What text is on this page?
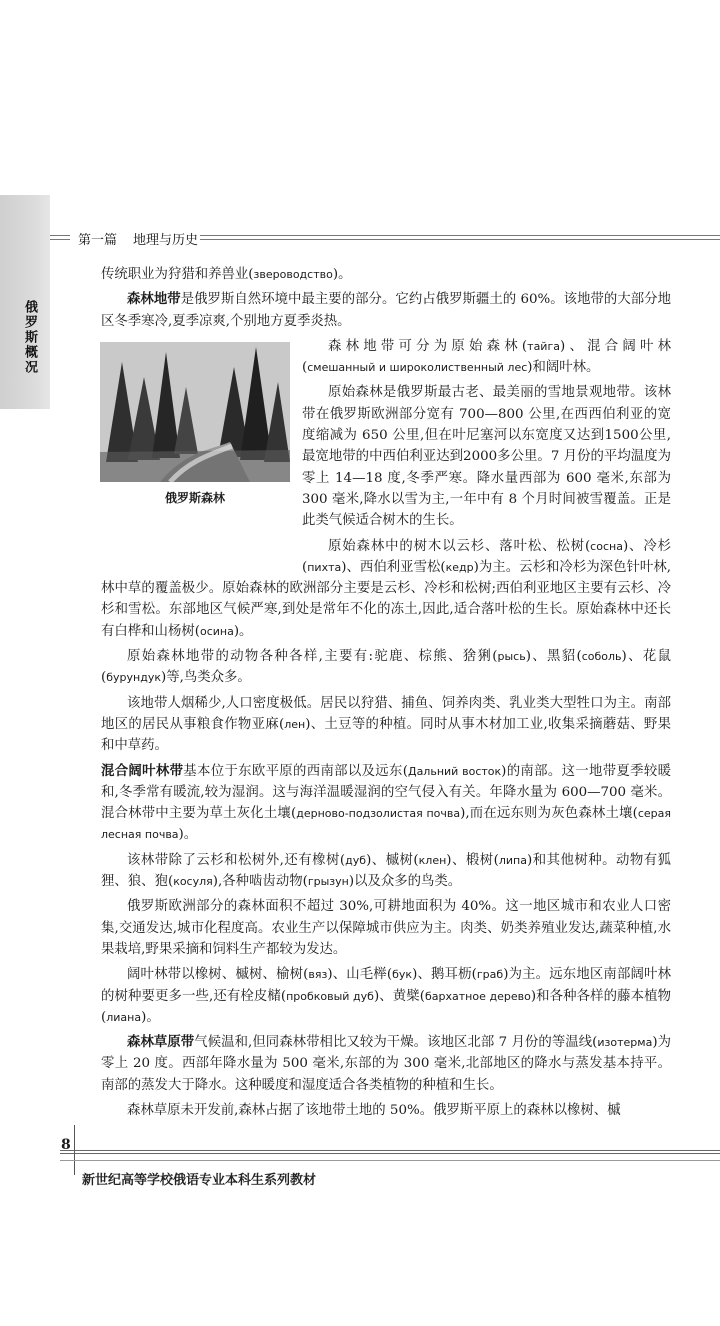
俄罗斯概况
第一篇 地理与历史

传统职业为狩猎和养兽业(звероводство)。

森林地带是俄罗斯自然环境中最主要的部分。它约占俄罗斯疆土的 60%。该地带的大部分地区冬季寒冷,夏季凉爽,个别地方夏季炎热。

俄罗斯森林

森林地带可分为原始森林(тайга)、混合阔叶林(смешанный и широколиственный лес)和阔叶林。

原始森林是俄罗斯最古老、最美丽的雪地景观地带。该林带在俄罗斯欧洲部分宽有 700—800 公里,在西西伯利亚的宽度缩减为 650 公里,但在叶尼塞河以东宽度又达到1500公里,最宽地带的中西伯利亚达到2000多公里。7 月份的平均温度为零上 14—18 度,冬季严寒。降水量西部为 600 毫米,东部为 300 毫米,降水以雪为主,一年中有 8 个月时间被雪覆盖。正是此类气候适合树木的生长。

原始森林中的树木以云杉、落叶松、松树(сосна)、冷杉(пихта)、西伯利亚雪松(кедр)为主。云杉和冷杉为深色针叶林,林中草的覆盖极少。原始森林的欧洲部分主要是云杉、冷杉和松树;西伯利亚地区主要有云杉、冷杉和雪松。东部地区气候严寒,到处是常年不化的冻土,因此,适合落叶松的生长。原始森林中还长有白桦和山杨树(осина)。

原始森林地带的动物各种各样,主要有:驼鹿、棕熊、猞猁(рысь)、黑貂(соболь)、花鼠(бурундук)等,鸟类众多。

该地带人烟稀少,人口密度极低。居民以狩猎、捕鱼、饲养肉类、乳业类大型牲口为主。南部地区的居民从事粮食作物亚麻(лен)、土豆等的种植。同时从事木材加工业,收集采摘蘑菇、野果和中草药。

混合阔叶林带基本位于东欧平原的西南部以及远东(Дальний восток)的南部。这一地带夏季较暖和,冬季常有暖流,较为湿润。这与海洋温暖湿润的空气侵入有关。年降水量为 600—700 毫米。混合林带中主要为草土灰化土壤(дерново-подзолистая почва),而在远东则为灰色森林土壤(серая лесная почва)。

该林带除了云杉和松树外,还有橡树(дуб)、槭树(клен)、椴树(липа)和其他树种。动物有狐狸、狼、狍(косуля),各种啮齿动物(грызун)以及众多的鸟类。

俄罗斯欧洲部分的森林面积不超过 30%,可耕地面积为 40%。这一地区城市和农业人口密集,交通发达,城市化程度高。农业生产以保障城市供应为主。肉类、奶类养殖业发达,蔬菜种植,水果栽培,野果采摘和饲料生产都较为发达。

阔叶林带以橡树、槭树、榆树(вяз)、山毛榉(бук)、鹅耳枥(граб)为主。远东地区南部阔叶林的树种要更多一些,还有栓皮槠(пробковый дуб)、黄檗(бархатное дерево)和各种各样的藤本植物(лиана)。

森林草原带气候温和,但同森林带相比又较为干燥。该地区北部 7 月份的等温线(изотерма)为零上 20 度。西部年降水量为 500 毫米,东部的为 300 毫米,北部地区的降水与蒸发基本持平。南部的蒸发大于降水。这种暖度和湿度适合各类植物的种植和生长。

森林草原未开发前,森林占据了该地带土地的 50%。俄罗斯平原上的森林以橡树、槭

8
新世纪高等学校俄语专业本科生系列教材
